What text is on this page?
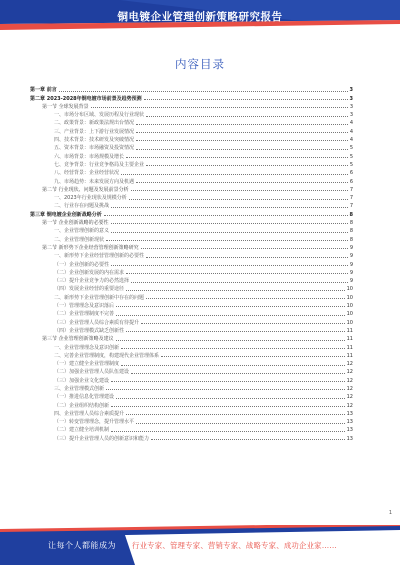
铜电镀企业管理创新策略研究报告
内容目录
第一章 前言	3
第二章 2023-2028年铜电镀市场前景及趋势预测	3
第一节 全球发展背景	3
一、市场分布区域、发展历程及行业现状	3
二、政策背景：新政策法规出台情况	4
三、产业背景：上下游行业发展情况	4
四、技术背景：技术研发及突破情况	4
五、资本背景：市场融资及投资情况	5
六、市场背景：市场规模及增长	5
七、竞争背景：行业竞争格局及主要企业	5
八、经营背景：企业经营状况	6
九、市场趋势：未来发展方向及机遇	6
第二节 行业现状、问题及发展前景分析	7
一、2023年行业现状及规模分析	7
二、行业存在问题及挑战	7
第三章 铜电镀企业创新战略分析	8
第一节 企业创新战略的必要性	8
一、企业管理创新的意义	8
二、企业管理创新现状	8
第二节 新形势下企业经营管理创新策略研究	9
一、新形势下企业经营管理创新的必要性	9
（一）企业创新的必要性	9
（二）企业创新发展的内在需求	9
（三）提升企业竞争力的必然选择	9
（四）发展企业经营的重要途径	10
二、新形势下企业管理创新中存在的问题	10
（一）管理理念及意识落后	10
（二）企业管理制度不完善	10
（三）企业管理人员综合素质有待提升	10
（四）企业管理模式缺乏创新性	11
第三节 企业管理创新策略及建议	11
一、企业管理理念及意识创新	11
二、完善企业管理制度，构建现代企业管理体系	11
（一）建立健全企业管理制度	12
（二）加强企业管理人员队伍建设	12
（三）加强企业文化建设	12
三、企业管理模式创新	12
（一）推进信息化管理建设	12
（二）企业组织结构创新	12
四、企业管理人员综合素质提升	13
（一）转变管理理念，提升管理水平	13
（二）建立健全培训机制	13
（三）提升企业管理人员的创新意识和能力	13
1
让每个人都能成为 行业专家、管理专家、营销专家、战略专家、成功企业家……
